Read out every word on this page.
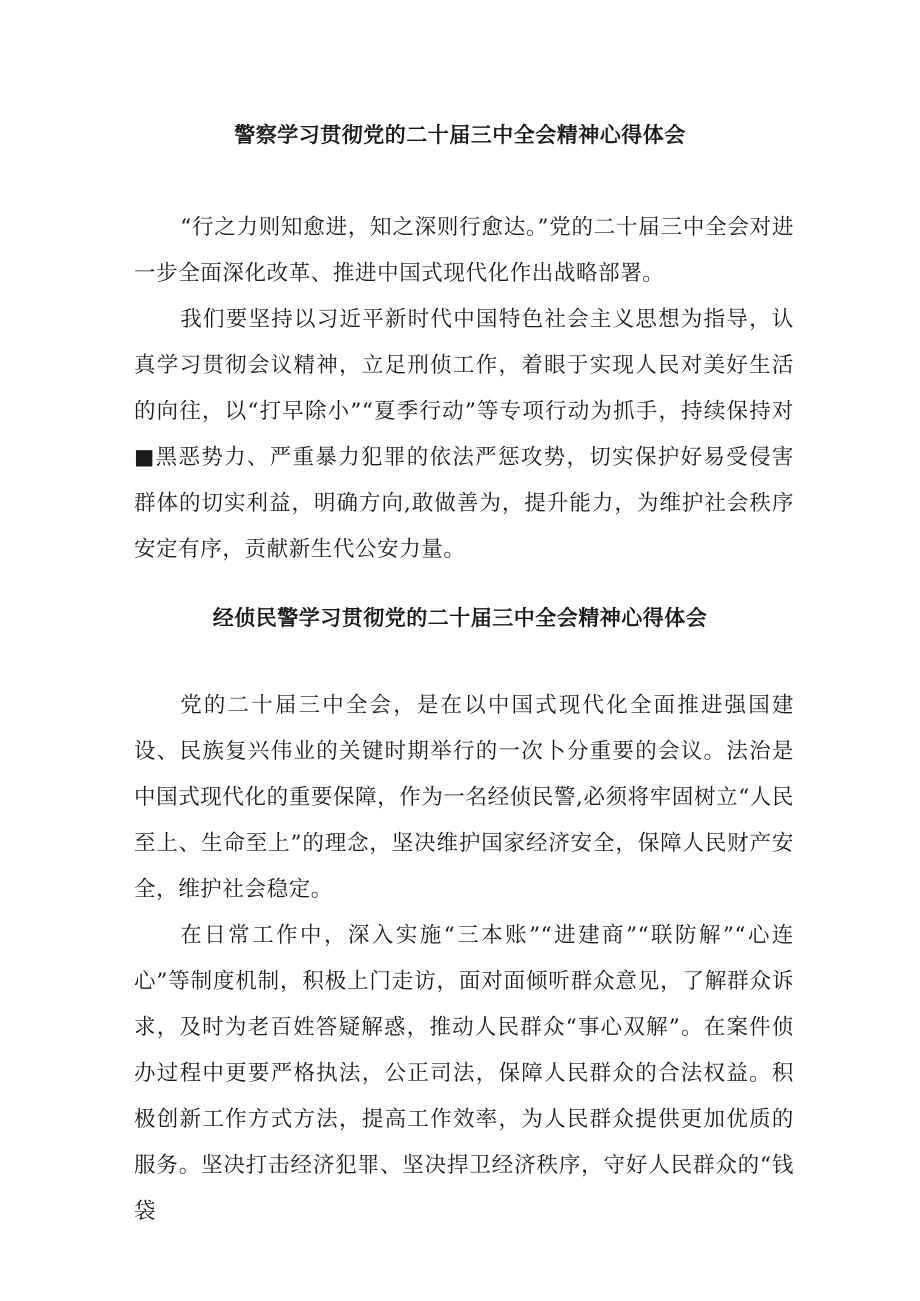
警察学习贯彻党的二十届三中全会精神心得体会

“行之力则知愈进，知之深则行愈达。”党的二十届三中全会对进一步全面深化改革、推进中国式现代化作出战略部署。

我们要坚持以习近平新时代中国特色社会主义思想为指导，认真学习贯彻会议精神，立足刑侦工作，着眼于实现人民对美好生活的向往，以“打早除小”“夏季行动”等专项行动为抓手，持续保持对■黑恶势力、严重暴力犯罪的依法严惩攻势，切实保护好易受侵害群体的切实利益，明确方向,敢做善为，提升能力，为维护社会秩序安定有序，贡献新生代公安力量。

经侦民警学习贯彻党的二十届三中全会精神心得体会

党的二十届三中全会，是在以中国式现代化全面推进强国建设、民族复兴伟业的关键时期举行的一次卜分重要的会议。法治是中国式现代化的重要保障，作为一名经侦民警,必须将牢固树立“人民至上、生命至上”的理念，坚决维护国家经济安全，保障人民财产安全，维护社会稳定。

在日常工作中，深入实施“三本账”“进建商”“联防解”“心连心”等制度机制，积极上门走访，面对面倾听群众意见，了解群众诉求，及时为老百姓答疑解惑，推动人民群众“事心双解”。在案件侦办过程中更要严格执法，公正司法，保障人民群众的合法权益。积极创新工作方式方法，提高工作效率，为人民群众提供更加优质的服务。坚决打击经济犯罪、坚决捍卫经济秩序，守好人民群众的“钱袋
